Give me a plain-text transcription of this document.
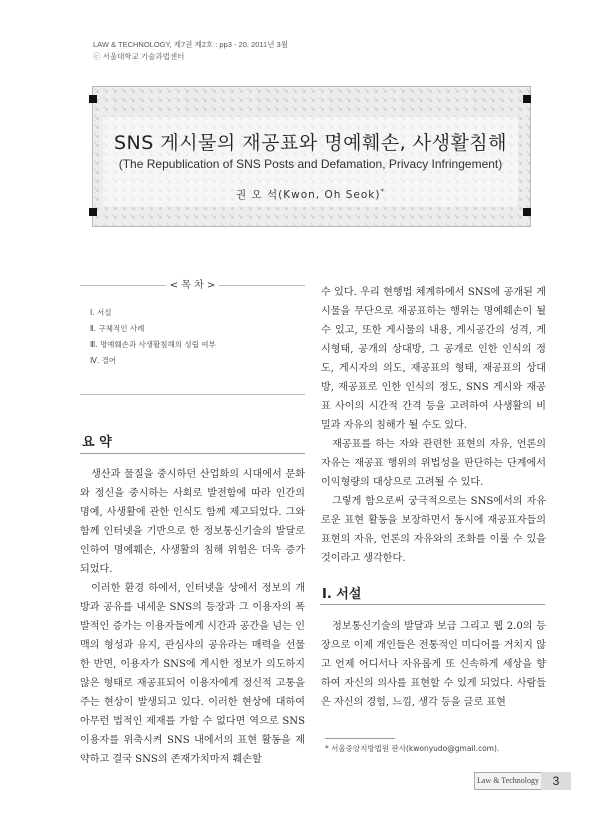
LAW & TECHNOLOGY, 제7권 제2호 : pp3 - 20. 2011년 3월
ⓒ 서울대학교 기술과법센터
SNS 게시물의 재공표와 명예훼손, 사생활침해
(The Republication of SNS Posts and Defamation, Privacy Infringement)
권 오 석(Kwon, Oh Seok)*
< 목 차 >
Ⅰ. 서설
Ⅱ. 구체적인 사례
Ⅲ. 명예훼손과 사생활침해의 성립 여부
Ⅳ. 결어
요 약

생산과 물질을 중시하던 산업화의 시대에서 문화와 정신을 중시하는 사회로 발전함에 따라 인간의 명예, 사생활에 관한 인식도 함께 제고되었다. 그와 함께 인터넷을 기반으로 한 정보통신기술의 발달로 인하여 명예훼손, 사생활의 침해 위험은 더욱 증가되었다.

이러한 환경 하에서, 인터넷을 상에서 정보의 개방과 공유를 내세운 SNS의 등장과 그 이용자의 폭발적인 증가는 이용자들에게 시간과 공간을 넘는 인맥의 형성과 유지, 관심사의 공유라는 매력을 선물한 반면, 이용자가 SNS에 게시한 정보가 의도하지 않은 형태로 재공표되어 이용자에게 정신적 고통을 주는 현상이 발생되고 있다. 이러한 현상에 대하여 아무런 법적인 제재를 가할 수 없다면 역으로 SNS 이용자를 위축시켜 SNS 내에서의 표현 활동을 제약하고 결국 SNS의 존재가치마저 훼손할

수 있다. 우리 현행법 체계하에서 SNS에 공개된 게시물을 무단으로 재공표하는 행위는 명예훼손이 될 수 있고, 또한 게시물의 내용, 게시공간의 성격, 게시형태, 공개의 상대방, 그 공개로 인한 인식의 정도, 게시자의 의도, 재공표의 형태, 재공표의 상대방, 재공표로 인한 인식의 정도, SNS 게시와 재공표 사이의 시간적 간격 등을 고려하여 사생활의 비밀과 자유의 침해가 될 수도 있다.

재공표를 하는 자와 관련한 표현의 자유, 언론의 자유는 재공표 행위의 위법성을 판단하는 단계에서 이익형량의 대상으로 고려될 수 있다.

그렇게 함으로써 궁극적으로는 SNS에서의 자유로운 표현 활동을 보장하면서 동시에 재공표자들의 표현의 자유, 언론의 자유와의 조화를 이룰 수 있을 것이라고 생각한다.

Ⅰ. 서설

정보통신기술의 발달과 보급 그리고 웹 2.0의 등장으로 이제 개인들은 전통적인 미디어를 거치지 않고 언제 어디서나 자유롭게 또 신속하게 세상을 향하여 자신의 의사를 표현할 수 있게 되었다. 사람들은 자신의 경험, 느낌, 생각 등을 글로 표현

* 서울중앙지방법원 판사(kwonyudo@gmail.com).
Law & Technology	3
